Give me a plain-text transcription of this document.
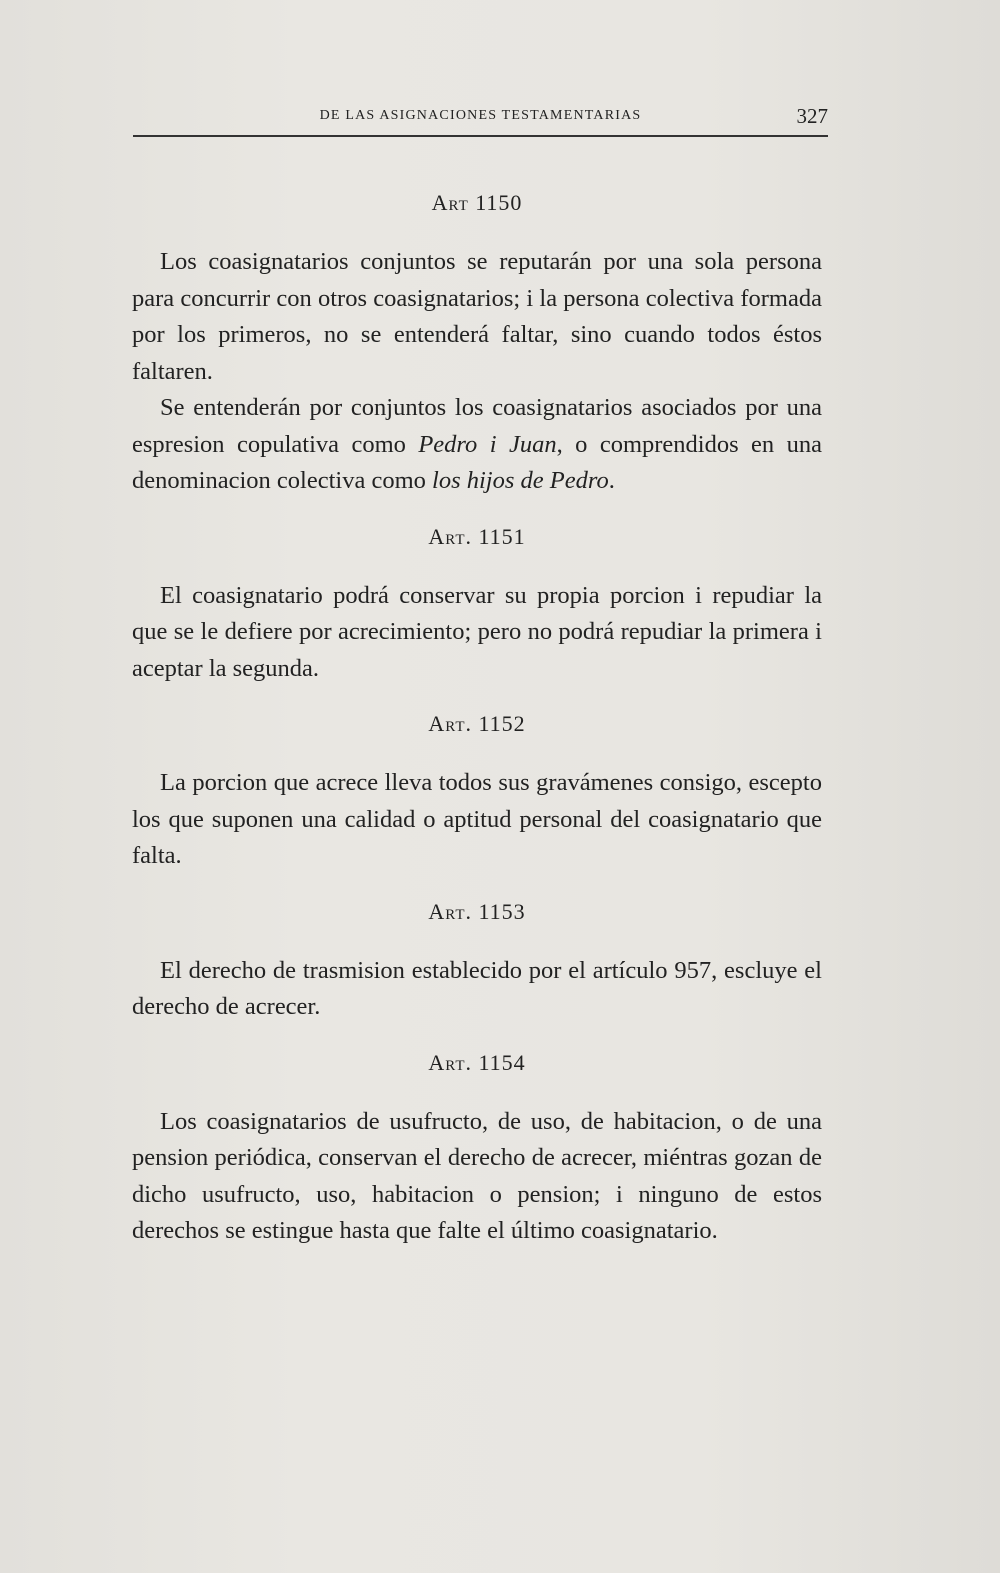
DE LAS ASIGNACIONES TESTAMENTARIAS	327
Art 1150

Los coasignatarios conjuntos se reputarán por una sola persona para concurrir con otros coasignatarios; i la persona colectiva formada por los primeros, no se entenderá faltar, sino cuando todos éstos faltaren.

Se entenderán por conjuntos los coasignatarios asociados por una espresion copulativa como Pedro i Juan, o comprendidos en una denominacion colectiva como los hijos de Pedro.

Art. 1151

El coasignatario podrá conservar su propia porcion i repudiar la que se le defiere por acrecimiento; pero no podrá repudiar la primera i aceptar la segunda.

Art. 1152

La porcion que acrece lleva todos sus gravámenes consigo, escepto los que suponen una calidad o aptitud personal del coasignatario que falta.

Art. 1153

El derecho de trasmision establecido por el artículo 957, escluye el derecho de acrecer.

Art. 1154

Los coasignatarios de usufructo, de uso, de habitacion, o de una pension periódica, conservan el derecho de acrecer, miéntras gozan de dicho usufructo, uso, habitacion o pension; i ninguno de estos derechos se estingue hasta que falte el último coasignatario.
